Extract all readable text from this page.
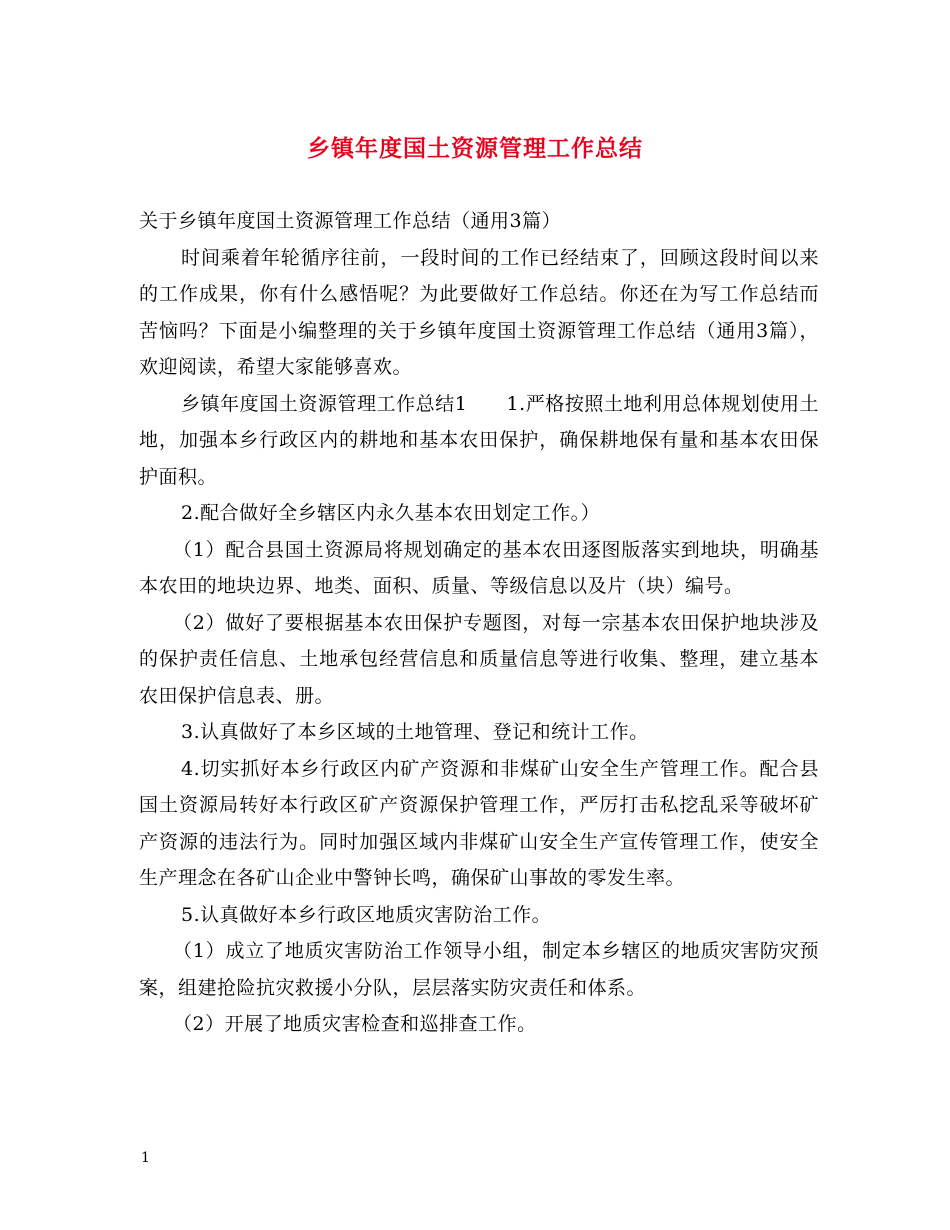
乡镇年度国土资源管理工作总结

关于乡镇年度国土资源管理工作总结（通用3篇）

时间乘着年轮循序往前，一段时间的工作已经结束了，回顾这段时间以来的工作成果，你有什么感悟呢？为此要做好工作总结。你还在为写工作总结而苦恼吗？下面是小编整理的关于乡镇年度国土资源管理工作总结（通用3篇），欢迎阅读，希望大家能够喜欢。

乡镇年度国土资源管理工作总结1　　1.严格按照土地利用总体规划使用土地，加强本乡行政区内的耕地和基本农田保护，确保耕地保有量和基本农田保护面积。

2.配合做好全乡辖区内永久基本农田划定工作。）

（1）配合县国土资源局将规划确定的基本农田逐图版落实到地块，明确基本农田的地块边界、地类、面积、质量、等级信息以及片（块）编号。

（2）做好了要根据基本农田保护专题图，对每一宗基本农田保护地块涉及的保护责任信息、土地承包经营信息和质量信息等进行收集、整理，建立基本农田保护信息表、册。

3.认真做好了本乡区域的土地管理、登记和统计工作。

4.切实抓好本乡行政区内矿产资源和非煤矿山安全生产管理工作。配合县国土资源局转好本行政区矿产资源保护管理工作，严厉打击私挖乱采等破坏矿产资源的违法行为。同时加强区域内非煤矿山安全生产宣传管理工作，使安全生产理念在各矿山企业中警钟长鸣，确保矿山事故的零发生率。

5.认真做好本乡行政区地质灾害防治工作。

（1）成立了地质灾害防治工作领导小组，制定本乡辖区的地质灾害防灾预案，组建抢险抗灾救援小分队，层层落实防灾责任和体系。

（2）开展了地质灾害检查和巡排查工作。

1
